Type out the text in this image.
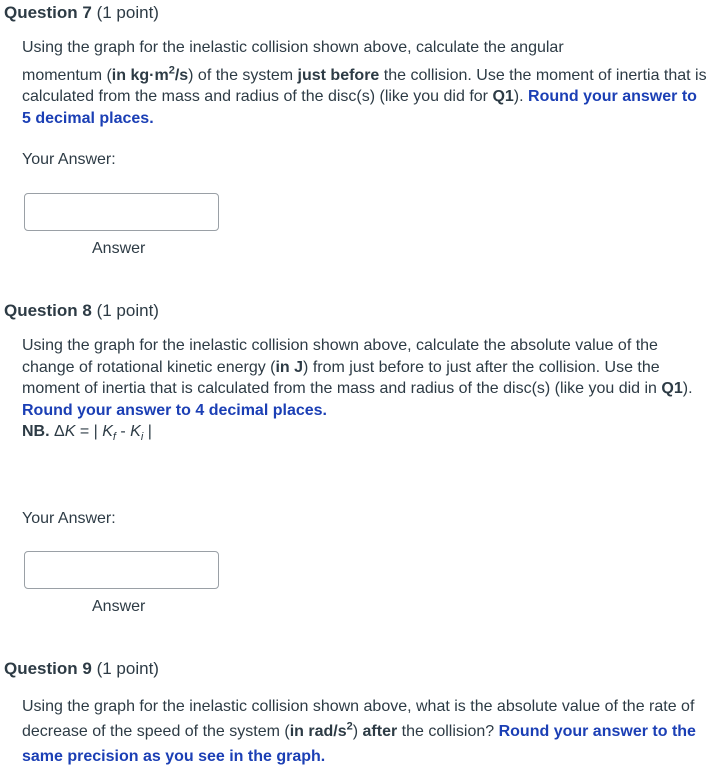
Question 7 (1 point)
Using the graph for the inelastic collision shown above, calculate the angular
momentum (in $kg\cdot m^2/s$) of the system just before the collision. Use the moment of inertia that is calculated from the mass and radius of the disc(s) (like you did for Q1). Round your answer to 5 decimal places.
Your Answer:
Answer
Question 8 (1 point)
Using the graph for the inelastic collision shown above, calculate the absolute value of the change of rotational kinetic energy (in J) from just before to just after the collision. Use the moment of inertia that is calculated from the mass and radius of the disc(s) (like you did in Q1). Round your answer to 4 decimal places.
NB. ΔK = | $K_f - K_i$ |
Your Answer:
Answer
Question 9 (1 point)
Using the graph for the inelastic collision shown above, what is the absolute value of the rate of decrease of the speed of the system (in rad/$s^2$) after the collision? Round your answer to the same precision as you see in the graph.
